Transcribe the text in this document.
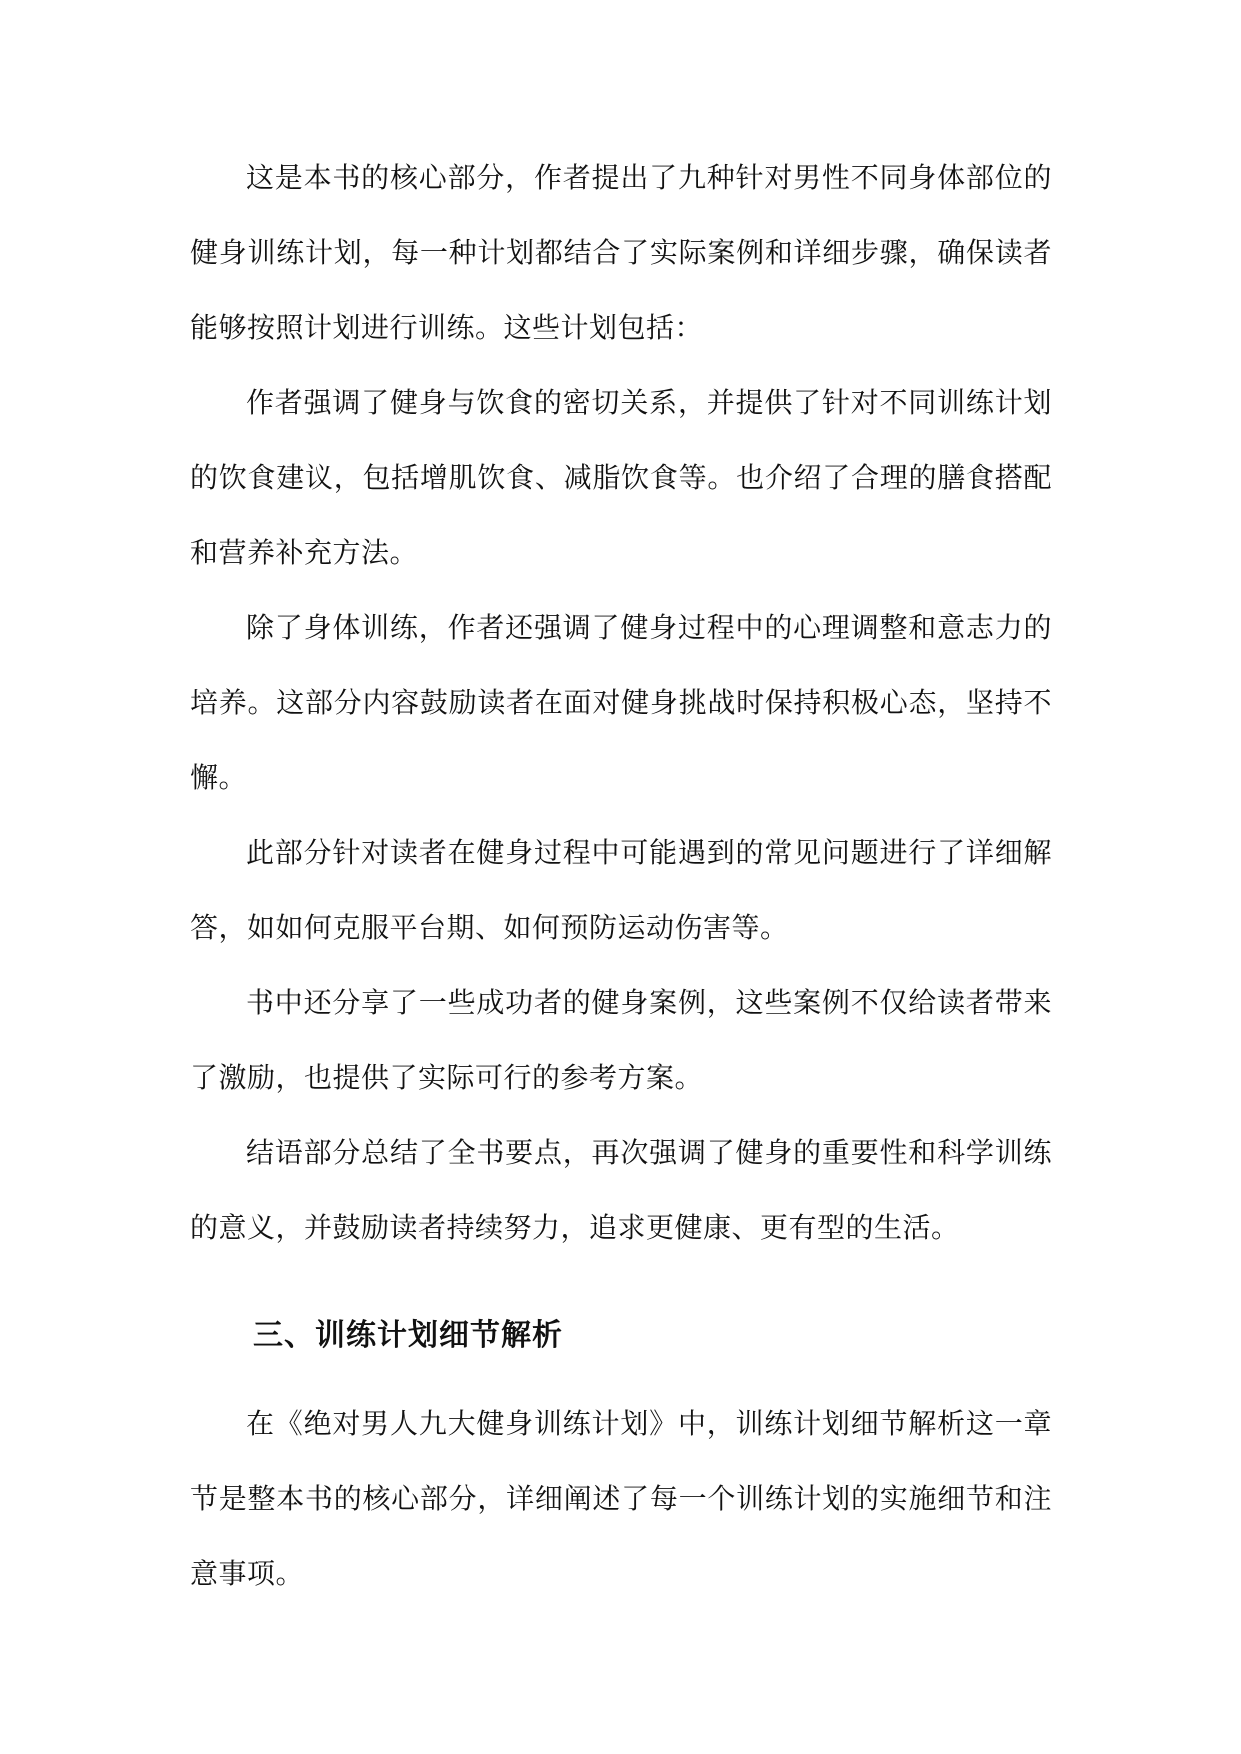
这是本书的核心部分，作者提出了九种针对男性不同身体部位的健身训练计划，每一种计划都结合了实际案例和详细步骤，确保读者能够按照计划进行训练。这些计划包括：

作者强调了健身与饮食的密切关系，并提供了针对不同训练计划的饮食建议，包括增肌饮食、减脂饮食等。也介绍了合理的膳食搭配和营养补充方法。

除了身体训练，作者还强调了健身过程中的心理调整和意志力的培养。这部分内容鼓励读者在面对健身挑战时保持积极心态，坚持不懈。

此部分针对读者在健身过程中可能遇到的常见问题进行了详细解答，如如何克服平台期、如何预防运动伤害等。

书中还分享了一些成功者的健身案例，这些案例不仅给读者带来了激励，也提供了实际可行的参考方案。

结语部分总结了全书要点，再次强调了健身的重要性和科学训练的意义，并鼓励读者持续努力，追求更健康、更有型的生活。

三、训练计划细节解析

在《绝对男人九大健身训练计划》中，训练计划细节解析这一章节是整本书的核心部分，详细阐述了每一个训练计划的实施细节和注意事项。
